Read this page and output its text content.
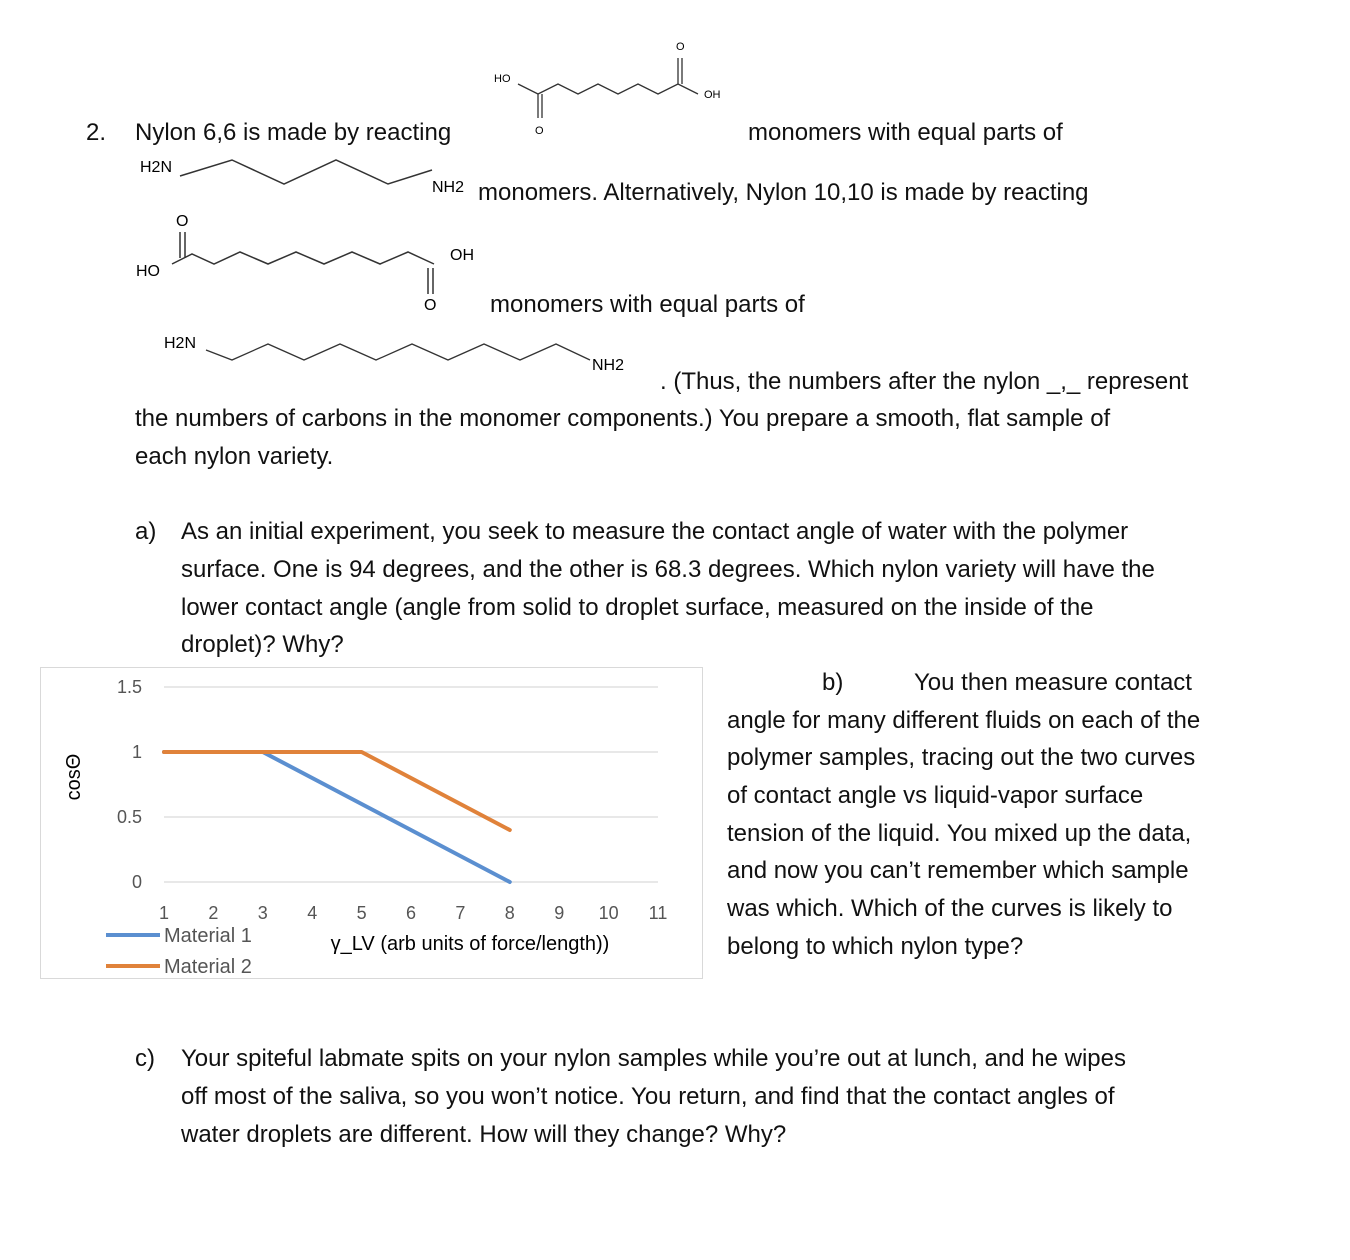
2. Nylon 6,6 is made by reacting
HO
OH
O
O
monomers with equal parts of
H2N
NH2 monomers. Alternatively, Nylon 10,10 is made by reacting
HO
OH
O
O monomers with equal parts of
H2N
NH2
. (Thus, the numbers after the nylon _,_ represent
the numbers of carbons in the monomer components.) You prepare a smooth, flat sample of
each nylon variety.
a) As an initial experiment, you seek to measure the contact angle of water with the polymer
surface. One is 94 degrees, and the other is 68.3 degrees. Which nylon variety will have the
lower contact angle (angle from solid to droplet surface, measured on the inside of the
droplet)? Why?
0
0.5
1
1.5
1 2 3 4 5 6 7 8 9 10 11
Material 1
Material 2
cosΘ
γ_LV (arb units of force/length))
b)	You then measure contact
angle for many different fluids on each of the
polymer samples, tracing out the two curves
of contact angle vs liquid-vapor surface
tension of the liquid. You mixed up the data,
and now you can’t remember which sample
was which. Which of the curves is likely to
belong to which nylon type?
c) Your spiteful labmate spits on your nylon samples while you’re out at lunch, and he wipes
off most of the saliva, so you won’t notice. You return, and find that the contact angles of
water droplets are different. How will they change? Why?
